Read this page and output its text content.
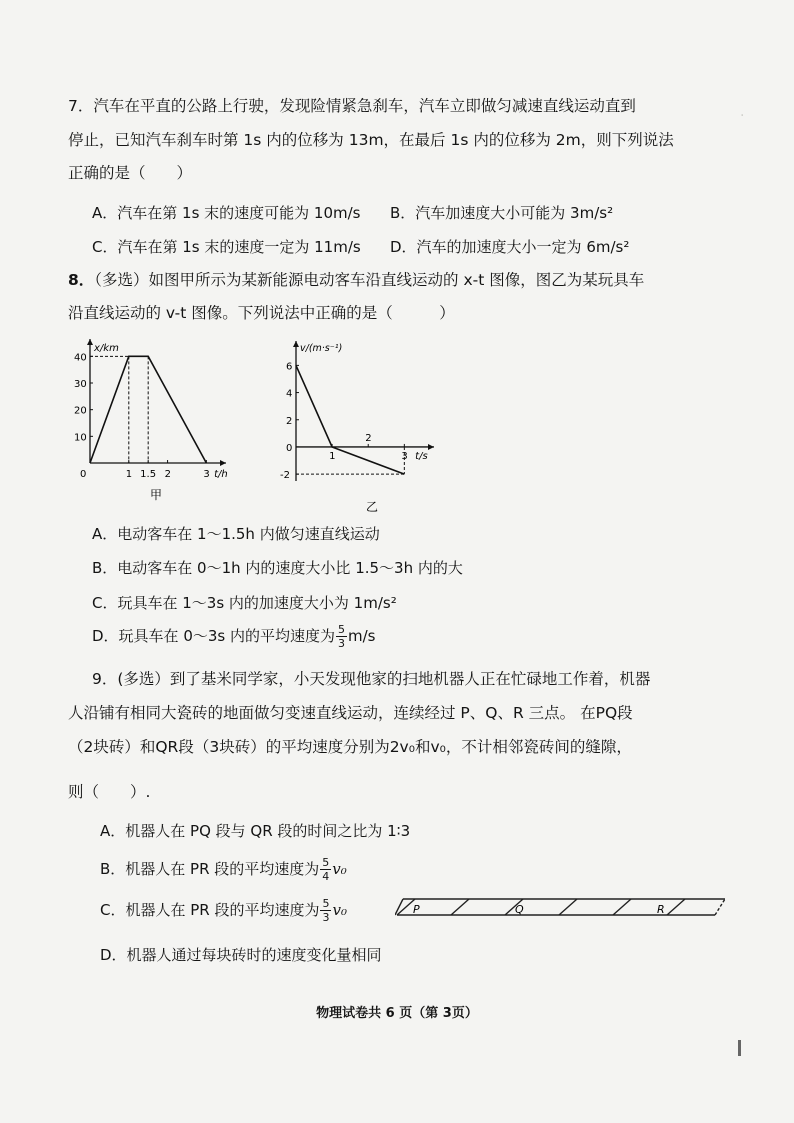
·
7．汽车在平直的公路上行驶，发现险情紧急刹车，汽车立即做匀减速直线运动直到
停止，已知汽车刹车时第 1s 内的位移为 13m，在最后 1s 内的位移为 2m，则下列说法
正确的是（　　）
A．汽车在第 1s 末的速度可能为 10m/s B．汽车加速度大小可能为 3m/s²
C．汽车在第 1s 末的速度一定为 11m/s D．汽车的加速度大小一定为 6m/s²
8．（多选）如图甲所示为某新能源电动客车沿直线运动的 x-t 图像，图乙为某玩具车
沿直线运动的 v-t 图像。下列说法中正确的是（　　　）
x/km
t/h
10
20
30
40
0	1 1.5 2	3
甲
v/(m·s⁻¹)
t/s
-2
0
2
4
6
1
2
3
乙
A．电动客车在 1～1.5h 内做匀速直线运动
B．电动客车在 0～1h 内的速度大小比 1.5～3h 内的大
C．玩具车在 1～3s 内的加速度大小为 1m/s²
D．玩具车在 0～3s 内的平均速度为 $\frac{5}{3} m/s$
9．(多选）到了基米同学家，小天发现他家的扫地机器人正在忙碌地工作着，机器
人沿铺有相同大瓷砖的地面做匀变速直线运动，连续经过 P、Q、R 三点。 在PQ段
（2块砖）和QR段（3块砖）的平均速度分别为2v₀和v₀，不计相邻瓷砖间的缝隙，
则（　　）.
A．机器人在 PQ 段与 QR 段的时间之比为 1∶3
B．机器人在 PR 段的平均速度为 $\frac{5}{4} v_0$
C．机器人在 PR 段的平均速度为 $\frac{5}{3} v_0$
D．机器人通过每块砖时的速度变化量相同
P	Q	R
物理试卷共 6 页（第 3页）
